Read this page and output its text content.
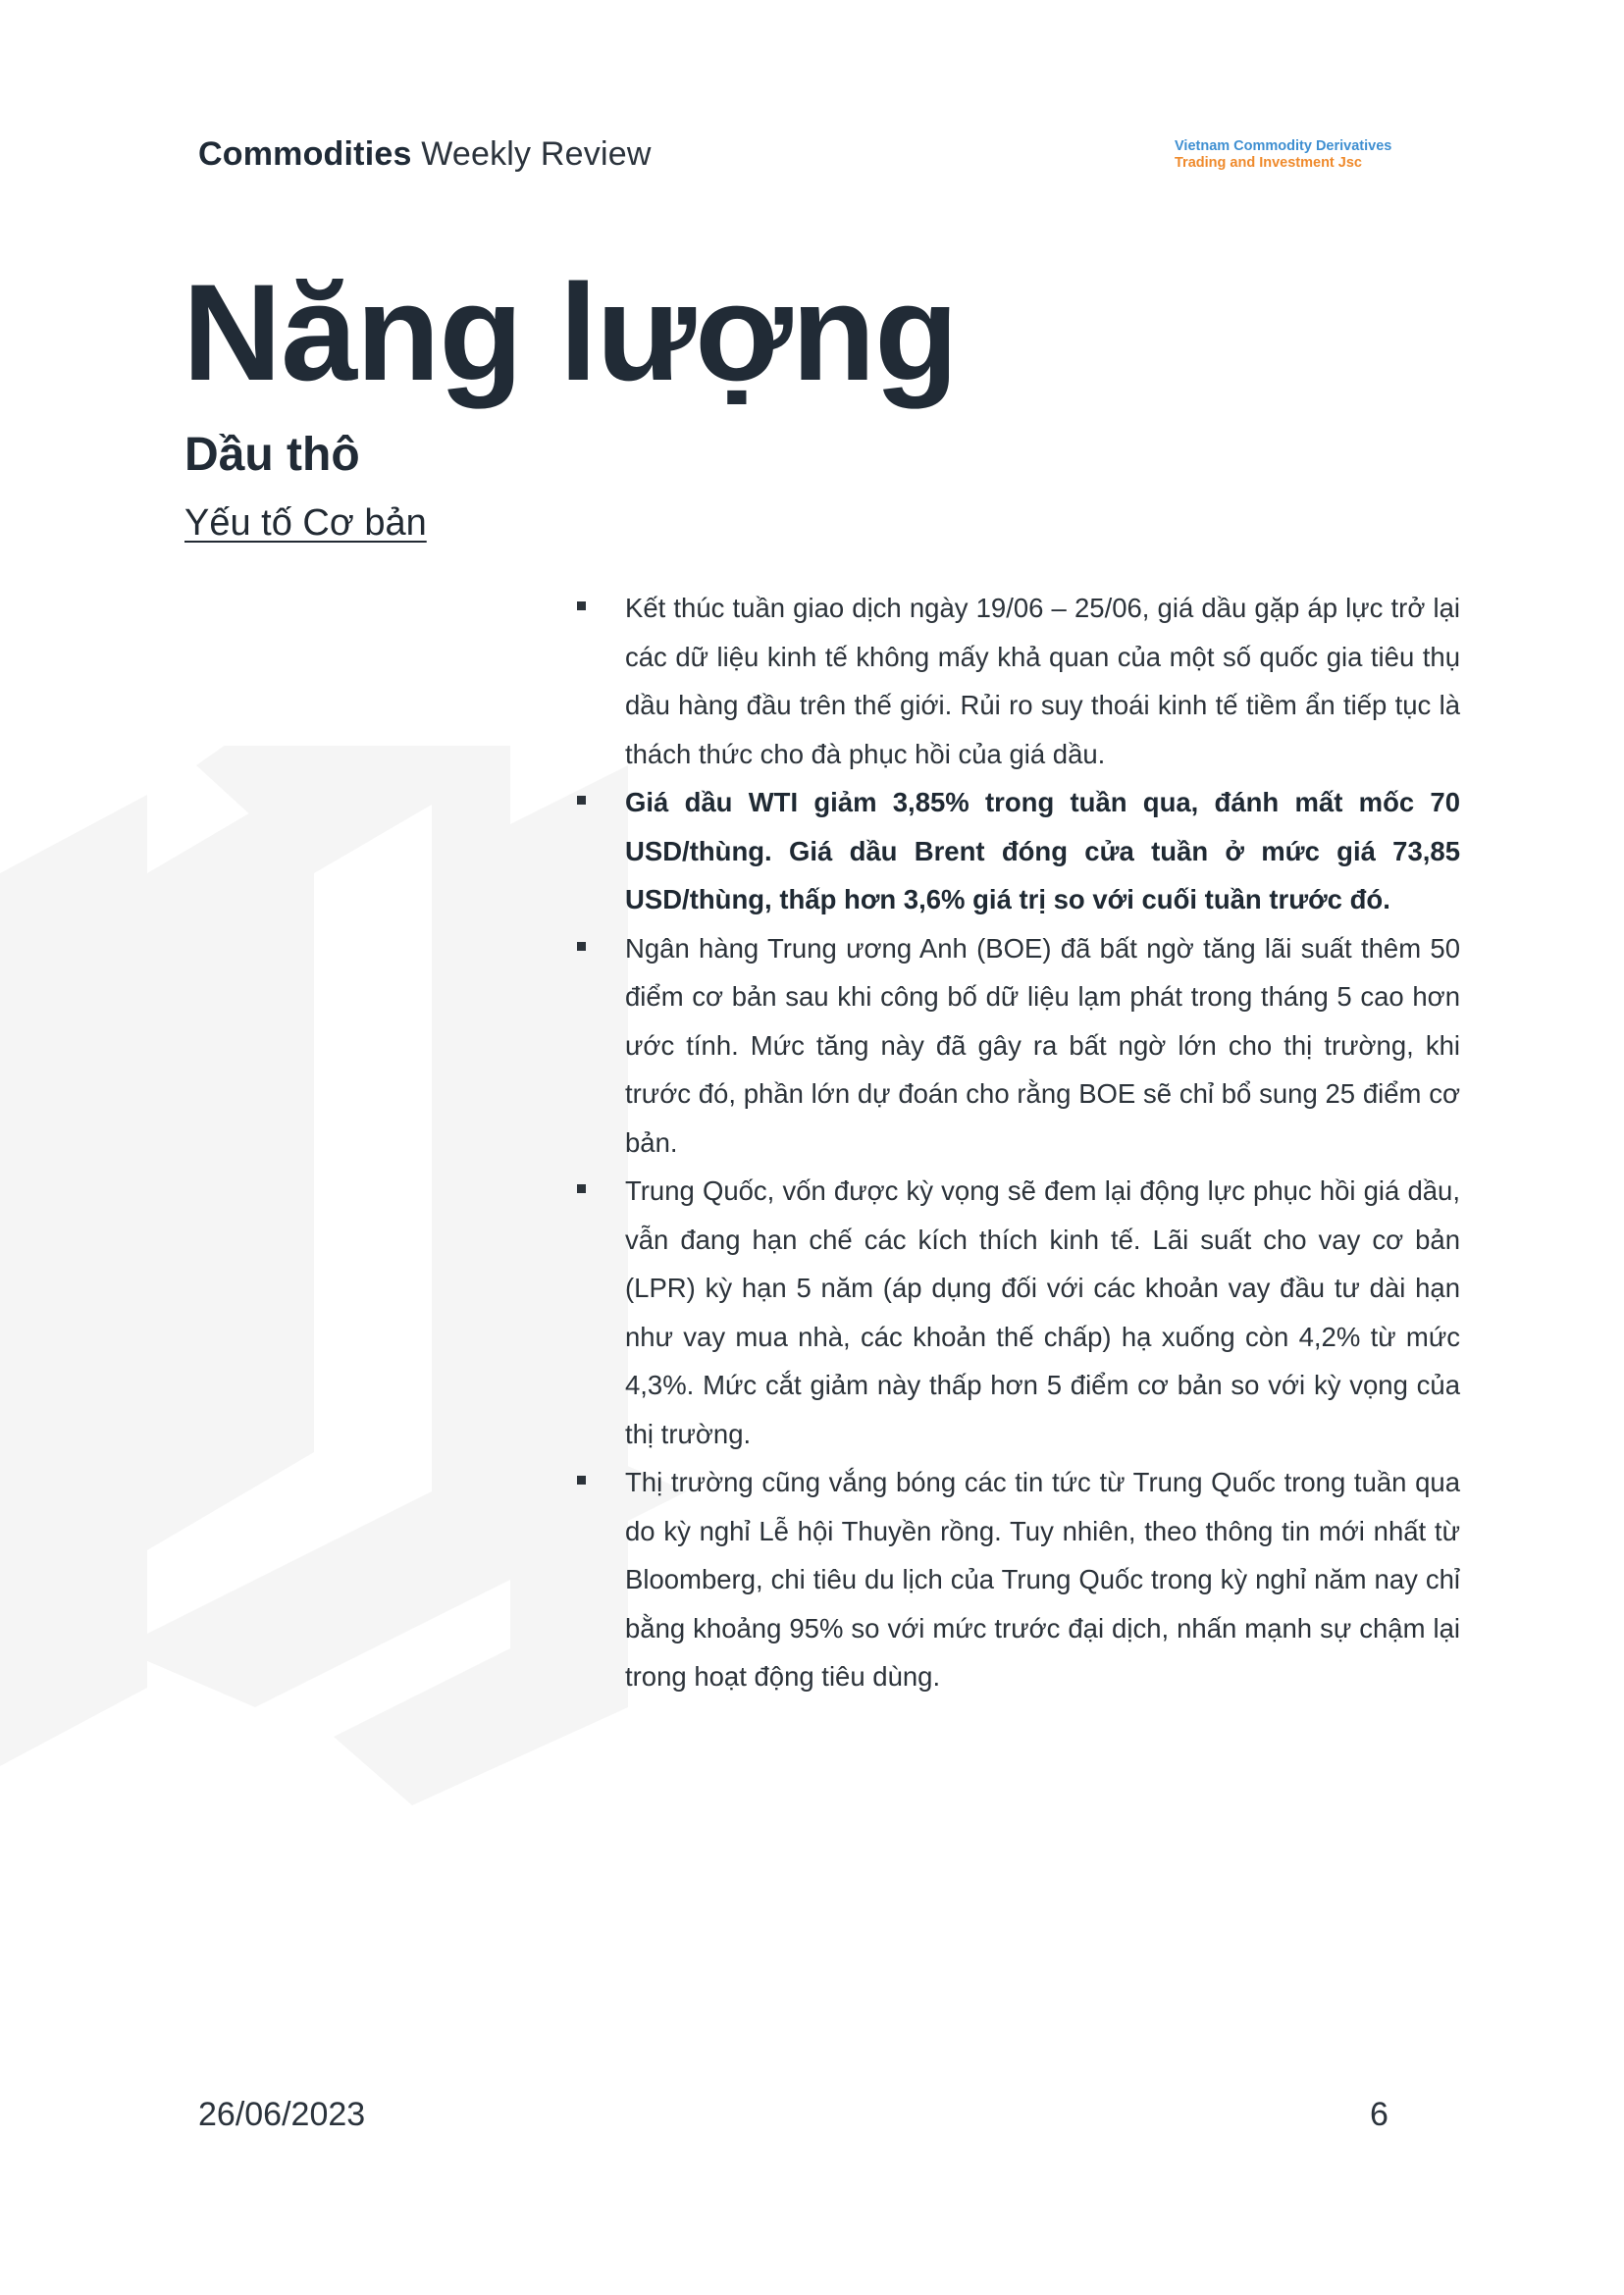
Commodities Weekly Review	Vietnam Commodity Derivatives
Trading and Investment Jsc
Năng lượng
Dầu thô
Yếu tố Cơ bản
Kết thúc tuần giao dịch ngày 19/06 – 25/06, giá dầu gặp áp lực trở lại các dữ liệu kinh tế không mấy khả quan của một số quốc gia tiêu thụ dầu hàng đầu trên thế giới. Rủi ro suy thoái kinh tế tiềm ẩn tiếp tục là thách thức cho đà phục hồi của giá dầu.
Giá dầu WTI giảm 3,85% trong tuần qua, đánh mất mốc 70 USD/thùng. Giá dầu Brent đóng cửa tuần ở mức giá 73,85 USD/thùng, thấp hơn 3,6% giá trị so với cuối tuần trước đó.
Ngân hàng Trung ương Anh (BOE) đã bất ngờ tăng lãi suất thêm 50 điểm cơ bản sau khi công bố dữ liệu lạm phát trong tháng 5 cao hơn ước tính. Mức tăng này đã gây ra bất ngờ lớn cho thị trường, khi trước đó, phần lớn dự đoán cho rằng BOE sẽ chỉ bổ sung 25 điểm cơ bản.
Trung Quốc, vốn được kỳ vọng sẽ đem lại động lực phục hồi giá dầu, vẫn đang hạn chế các kích thích kinh tế. Lãi suất cho vay cơ bản (LPR) kỳ hạn 5 năm (áp dụng đối với các khoản vay đầu tư dài hạn như vay mua nhà, các khoản thế chấp) hạ xuống còn 4,2% từ mức 4,3%. Mức cắt giảm này thấp hơn 5 điểm cơ bản so với kỳ vọng của thị trường.
Thị trường cũng vắng bóng các tin tức từ Trung Quốc trong tuần qua do kỳ nghỉ Lễ hội Thuyền rồng. Tuy nhiên, theo thông tin mới nhất từ Bloomberg, chi tiêu du lịch của Trung Quốc trong kỳ nghỉ năm nay chỉ bằng khoảng 95% so với mức trước đại dịch, nhấn mạnh sự chậm lại trong hoạt động tiêu dùng.
26/06/2023	6
